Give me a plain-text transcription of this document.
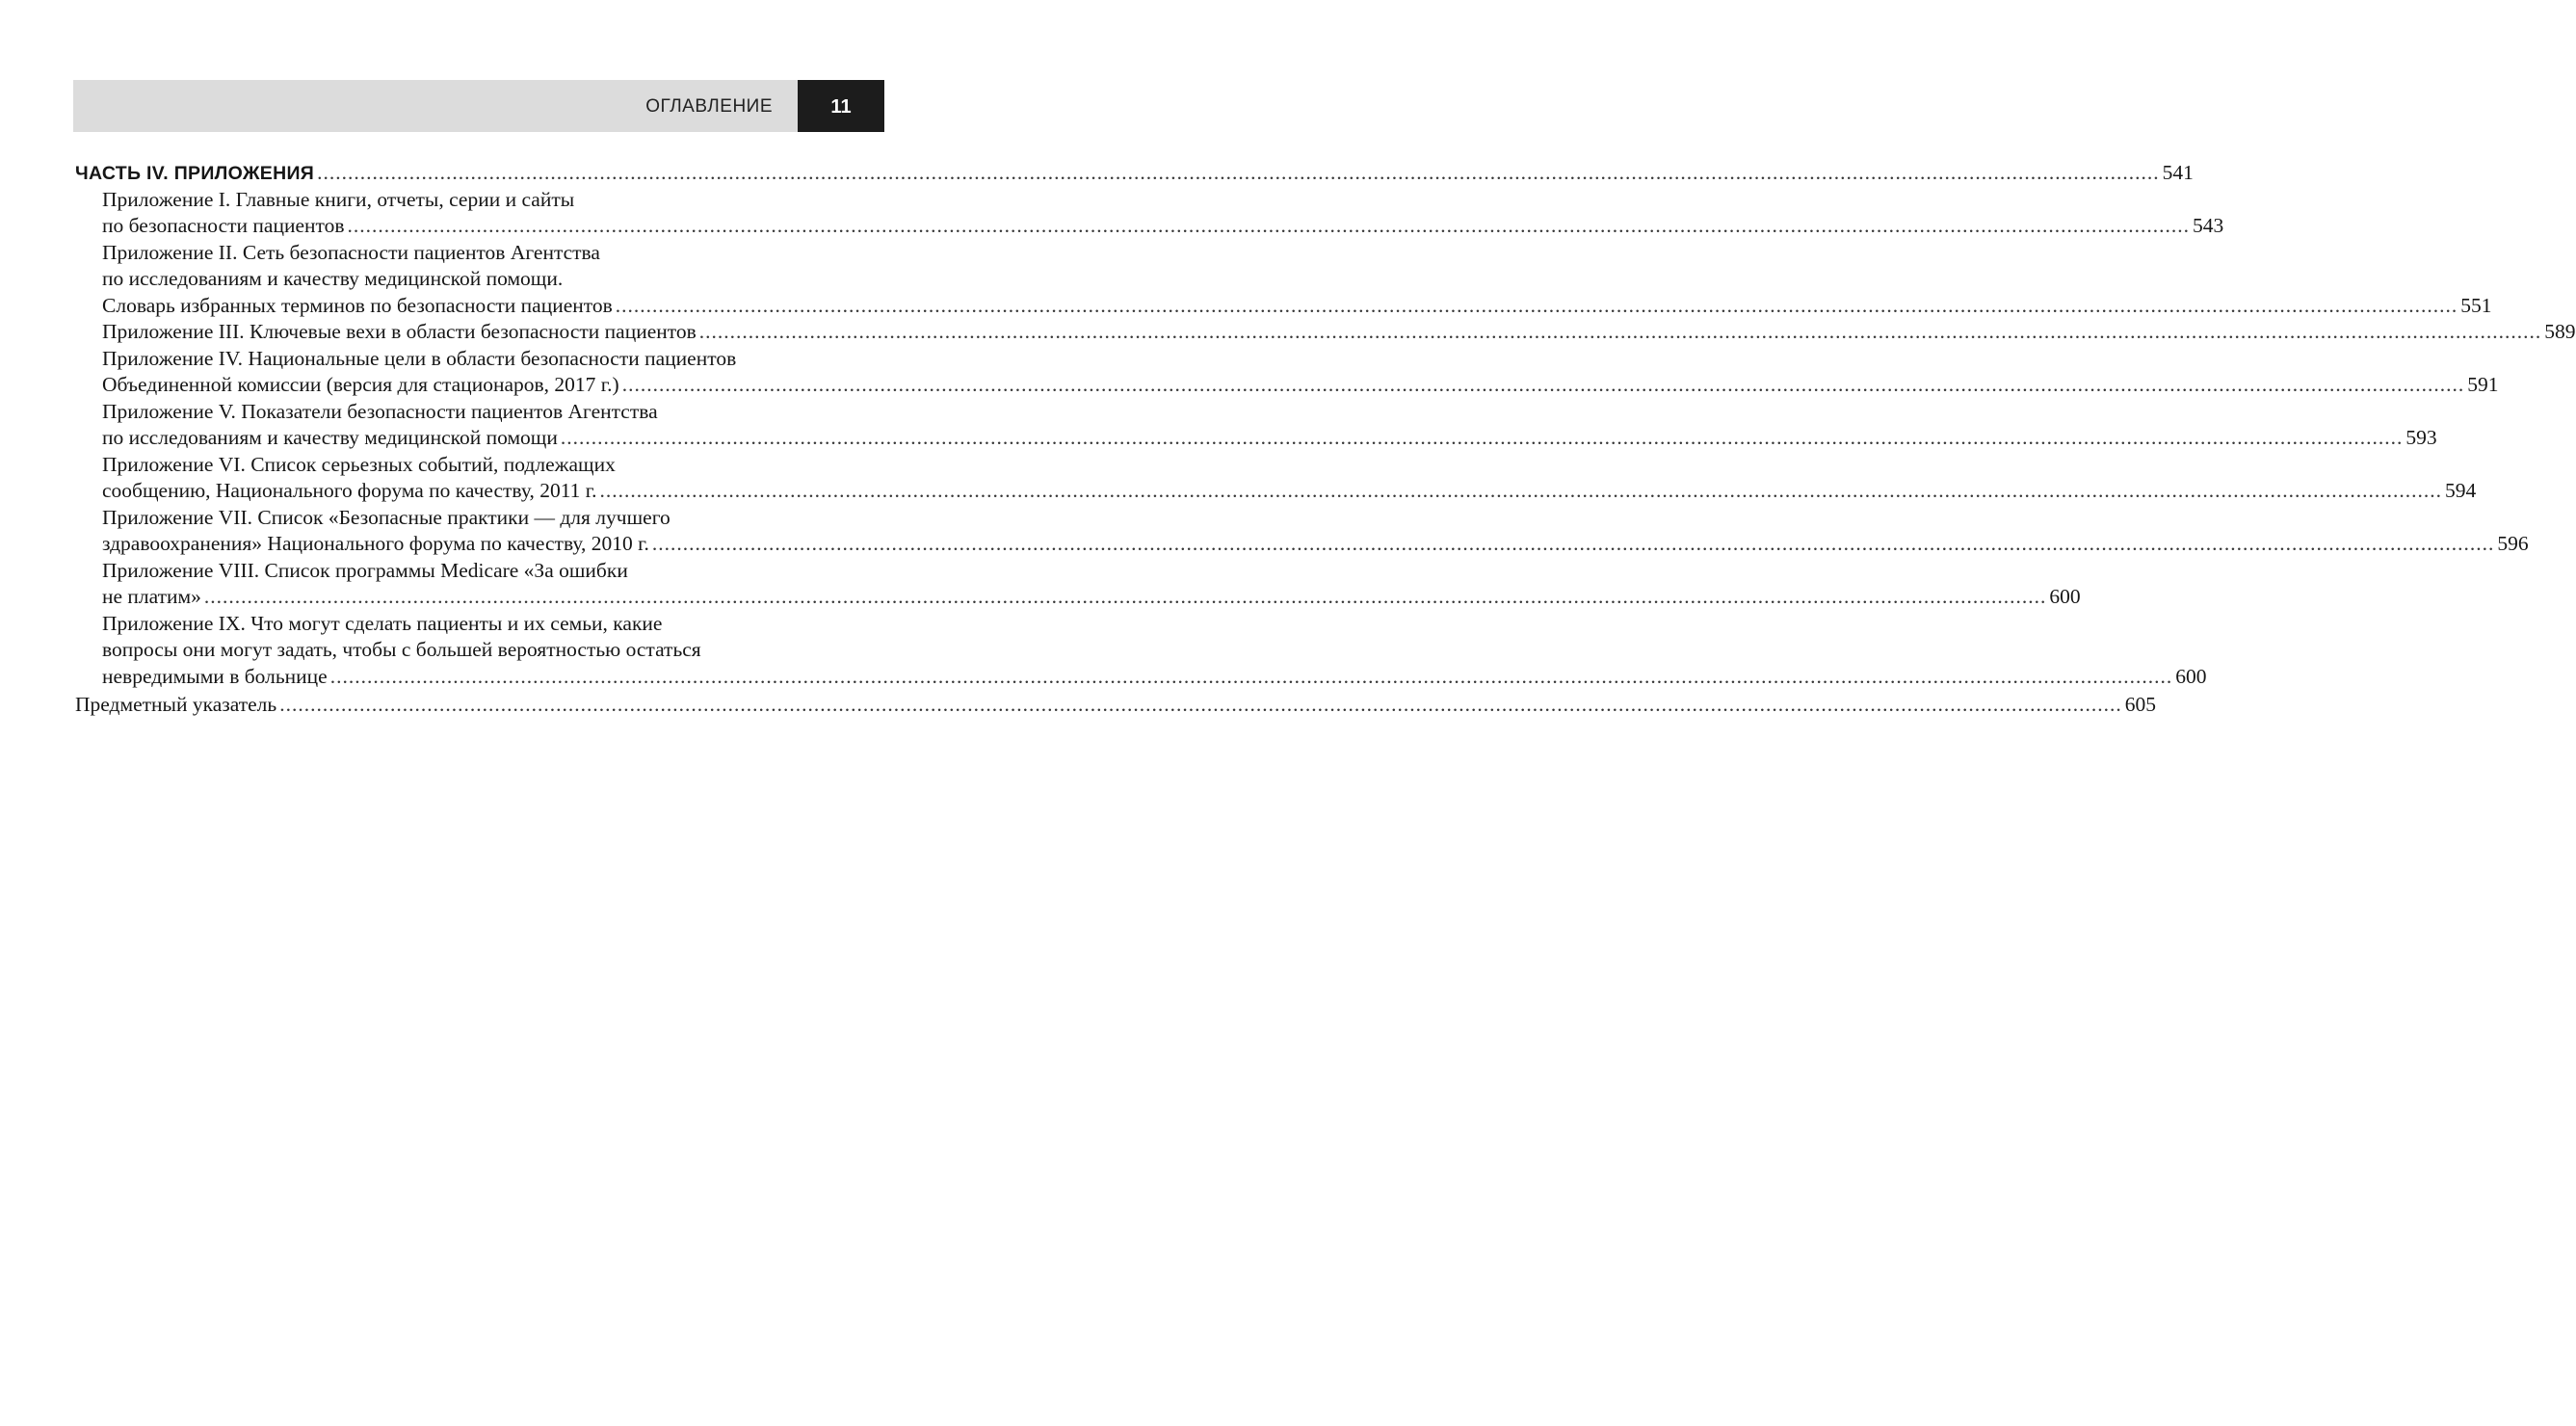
ОГЛАВЛЕНИЕ	11
ЧАСТЬ IV. ПРИЛОЖЕНИЯ ............................................................................................................................................................................................................................................................................................................ 541
Приложение I. Главные книги, отчеты, серии и сайты
по безопасности пациентов ............................................................................................................................................................................................................................................................................................................ 543
Приложение II. Сеть безопасности пациентов Агентства
по исследованиям и качеству медицинской помощи.
Словарь избранных терминов по безопасности пациентов ............................................................................................................................................................................................................................................................................................................ 551
Приложение III. Ключевые вехи в области безопасности пациентов ............................................................................................................................................................................................................................................................................................................ 589
Приложение IV. Национальные цели в области безопасности пациентов
Объединенной комиссии (версия для стационаров, 2017 г.) ............................................................................................................................................................................................................................................................................................................ 591
Приложение V. Показатели безопасности пациентов Агентства
по исследованиям и качеству медицинской помощи ............................................................................................................................................................................................................................................................................................................ 593
Приложение VI. Список серьезных событий, подлежащих
сообщению, Национального форума по качеству, 2011 г. ............................................................................................................................................................................................................................................................................................................ 594
Приложение VII. Список «Безопасные практики — для лучшего
здравоохранения» Национального форума по качеству, 2010 г. ............................................................................................................................................................................................................................................................................................................ 596
Приложение VIII. Список программы Medicare «За ошибки
не платим» ............................................................................................................................................................................................................................................................................................................ 600
Приложение IX. Что могут сделать пациенты и их семьи, какие
вопросы они могут задать, чтобы с большей вероятностью остаться
невредимыми в больнице ............................................................................................................................................................................................................................................................................................................ 600
Предметный указатель ............................................................................................................................................................................................................................................................................................................ 605
